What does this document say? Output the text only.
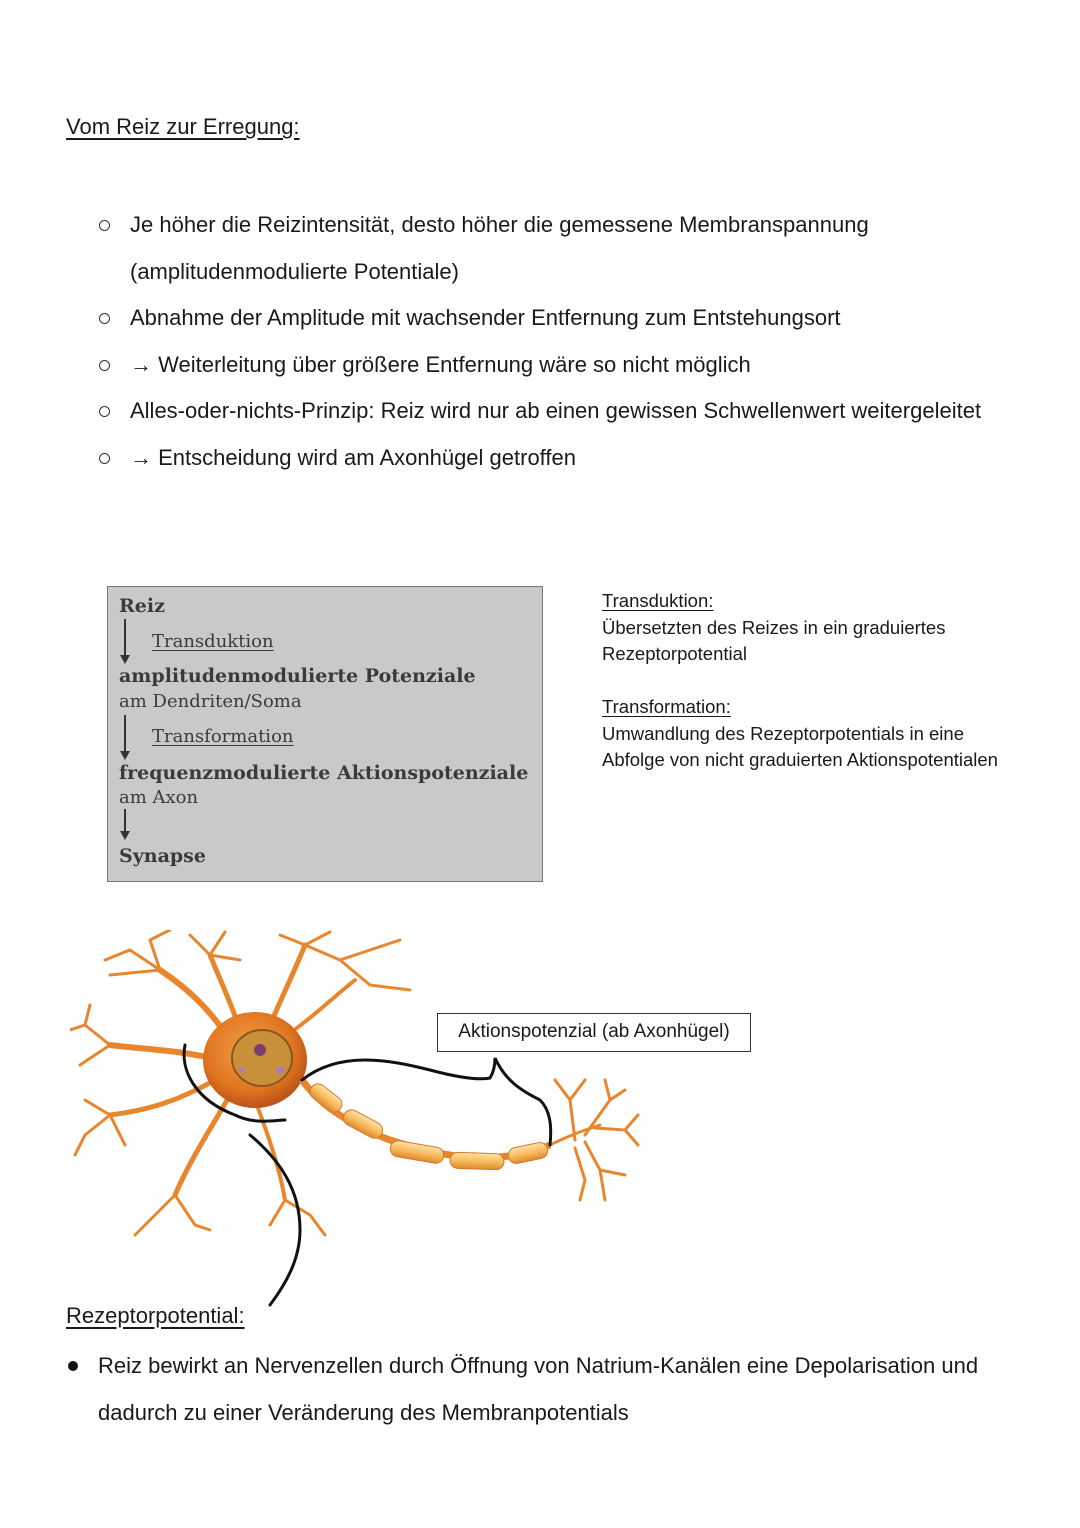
Vom Reiz zur Erregung:
Je höher die Reizintensität, desto höher die gemessene Membranspannung (amplitudenmodulierte Potentiale)
Abnahme der Amplitude mit wachsender Entfernung zum Entstehungsort
→ Weiterleitung über größere Entfernung wäre so nicht möglich
Alles-oder-nichts-Prinzip: Reiz wird nur ab einen gewissen Schwellenwert weitergeleitet
→ Entscheidung wird am Axonhügel getroffen
Reiz
Transduktion
amplitudenmodulierte Potenziale
am Dendriten/Soma
Transformation
frequenzmodulierte Aktionspotenziale
am Axon
Synapse
Transduktion:
Übersetzten des Reizes in ein graduiertes Rezeptorpotential
Transformation:
Umwandlung des Rezeptorpotentials in eine Abfolge von nicht graduierten Aktionspotentialen
Aktionspotenzial (ab Axonhügel)
Rezeptorpotential:
Reiz bewirkt an Nervenzellen durch Öffnung von Natrium-Kanälen eine Depolarisation und dadurch zu einer Veränderung des Membranpotentials
